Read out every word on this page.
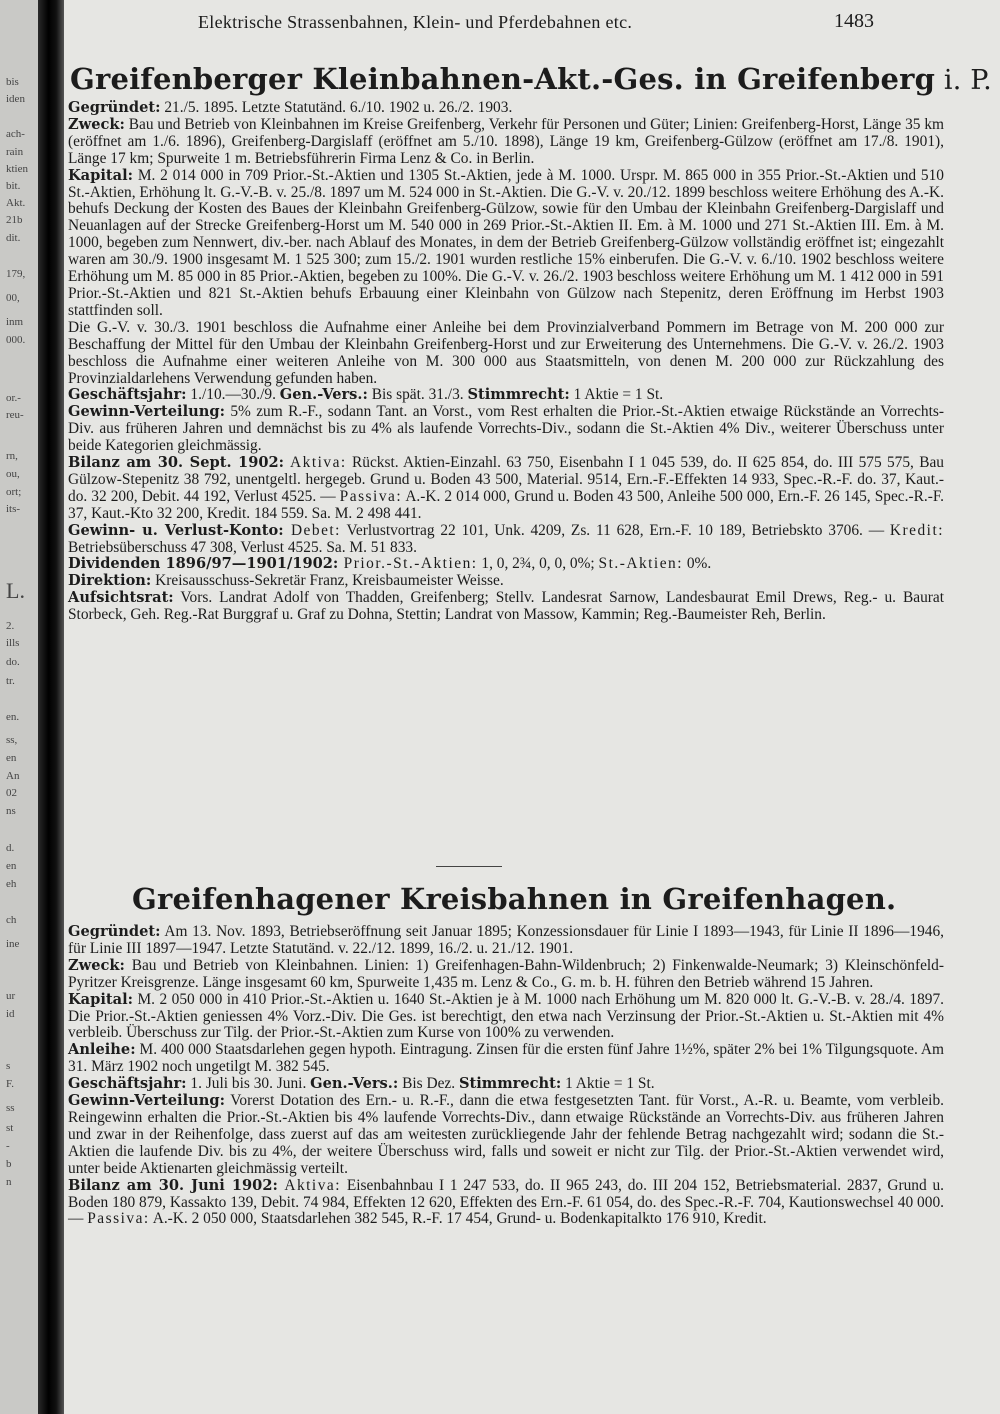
bis
iden
ach-
rain
ktien
bit.
Akt.
21b
dit.
179,
00,
inm
000.
or.-
reu-
rn,
ou,
ort;
its-
L.
2.
ills
do.
tr.
en.
ss,
en
An
02
ns
d.
en
eh
ch
ine
ur
id
s
F.
ss
st
-
b
n
Elektrische Strassenbahnen, Klein- und Pferdebahnen etc.	1483
Greifenberger Kleinbahnen-Akt.-Ges. in Greifenberg i. P.

Gegründet: 21./5. 1895. Letzte Statutänd. 6./10. 1902 u. 26./2. 1903.

Zweck: Bau und Betrieb von Kleinbahnen im Kreise Greifenberg, Verkehr für Personen und Güter; Linien: Greifenberg-Horst, Länge 35 km (eröffnet am 1./6. 1896), Greifenberg-Dargislaff (eröffnet am 5./10. 1898), Länge 19 km, Greifenberg-Gülzow (eröffnet am 17./8. 1901), Länge 17 km; Spurweite 1 m. Betriebsführerin Firma Lenz & Co. in Berlin.

Kapital: M. 2 014 000 in 709 Prior.-St.-Aktien und 1305 St.-Aktien, jede à M. 1000. Urspr. M. 865 000 in 355 Prior.-St.-Aktien und 510 St.-Aktien, Erhöhung lt. G.-V.-B. v. 25./8. 1897 um M. 524 000 in St.-Aktien. Die G.-V. v. 20./12. 1899 beschloss weitere Erhöhung des A.-K. behufs Deckung der Kosten des Baues der Kleinbahn Greifenberg-Gülzow, sowie für den Umbau der Kleinbahn Greifenberg-Dargislaff und Neuanlagen auf der Strecke Greifenberg-Horst um M. 540 000 in 269 Prior.-St.-Aktien II. Em. à M. 1000 und 271 St.-Aktien III. Em. à M. 1000, begeben zum Nennwert, div.-ber. nach Ablauf des Monates, in dem der Betrieb Greifenberg-Gülzow vollständig eröffnet ist; eingezahlt waren am 30./9. 1900 insgesamt M. 1 525 300; zum 15./2. 1901 wurden restliche 15% einberufen. Die G.-V. v. 6./10. 1902 beschloss weitere Erhöhung um M. 85 000 in 85 Prior.-Aktien, begeben zu 100%. Die G.-V. v. 26./2. 1903 beschloss weitere Erhöhung um M. 1 412 000 in 591 Prior.-St.-Aktien und 821 St.-Aktien behufs Erbauung einer Kleinbahn von Gülzow nach Stepenitz, deren Eröffnung im Herbst 1903 stattfinden soll.

Die G.-V. v. 30./3. 1901 beschloss die Aufnahme einer Anleihe bei dem Provinzialverband Pommern im Betrage von M. 200 000 zur Beschaffung der Mittel für den Umbau der Kleinbahn Greifenberg-Horst und zur Erweiterung des Unternehmens. Die G.-V. v. 26./2. 1903 beschloss die Aufnahme einer weiteren Anleihe von M. 300 000 aus Staatsmitteln, von denen M. 200 000 zur Rückzahlung des Provinzialdarlehens Verwendung gefunden haben.

Geschäftsjahr: 1./10.—30./9. Gen.-Vers.: Bis spät. 31./3. Stimmrecht: 1 Aktie = 1 St.

Gewinn-Verteilung: 5% zum R.-F., sodann Tant. an Vorst., vom Rest erhalten die Prior.-St.-Aktien etwaige Rückstände an Vorrechts-Div. aus früheren Jahren und demnächst bis zu 4% als laufende Vorrechts-Div., sodann die St.-Aktien 4% Div., weiterer Überschuss unter beide Kategorien gleichmässig.

Bilanz am 30. Sept. 1902: Aktiva: Rückst. Aktien-Einzahl. 63 750, Eisenbahn I 1 045 539, do. II 625 854, do. III 575 575, Bau Gülzow-Stepenitz 38 792, unentgeltl. hergegeb. Grund u. Boden 43 500, Material. 9514, Ern.-F.-Effekten 14 933, Spec.-R.-F. do. 37, Kaut.- do. 32 200, Debit. 44 192, Verlust 4525. — Passiva: A.-K. 2 014 000, Grund u. Boden 43 500, Anleihe 500 000, Ern.-F. 26 145, Spec.-R.-F. 37, Kaut.-Kto 32 200, Kredit. 184 559. Sa. M. 2 498 441.

Gewinn- u. Verlust-Konto: Debet: Verlustvortrag 22 101, Unk. 4209, Zs. 11 628, Ern.-F. 10 189, Betriebskto 3706. — Kredit: Betriebsüberschuss 47 308, Verlust 4525. Sa. M. 51 833.

Dividenden 1896/97—1901/1902: Prior.-St.-Aktien: 1, 0, 2¾, 0, 0, 0%; St.-Aktien: 0%.

Direktion: Kreisausschuss-Sekretär Franz, Kreisbaumeister Weisse.

Aufsichtsrat: Vors. Landrat Adolf von Thadden, Greifenberg; Stellv. Landesrat Sarnow, Landesbaurat Emil Drews, Reg.- u. Baurat Storbeck, Geh. Reg.-Rat Burggraf u. Graf zu Dohna, Stettin; Landrat von Massow, Kammin; Reg.-Baumeister Reh, Berlin.

Greifenhagener Kreisbahnen in Greifenhagen.

Gegründet: Am 13. Nov. 1893, Betriebseröffnung seit Januar 1895; Konzessionsdauer für Linie I 1893—1943, für Linie II 1896—1946, für Linie III 1897—1947. Letzte Statutänd. v. 22./12. 1899, 16./2. u. 21./12. 1901.

Zweck: Bau und Betrieb von Kleinbahnen. Linien: 1) Greifenhagen-Bahn-Wildenbruch; 2) Finkenwalde-Neumark; 3) Kleinschönfeld-Pyritzer Kreisgrenze. Länge insgesamt 60 km, Spurweite 1,435 m. Lenz & Co., G. m. b. H. führen den Betrieb während 15 Jahren.

Kapital: M. 2 050 000 in 410 Prior.-St.-Aktien u. 1640 St.-Aktien je à M. 1000 nach Erhöhung um M. 820 000 lt. G.-V.-B. v. 28./4. 1897. Die Prior.-St.-Aktien geniessen 4% Vorz.-Div. Die Ges. ist berechtigt, den etwa nach Verzinsung der Prior.-St.-Aktien u. St.-Aktien mit 4% verbleib. Überschuss zur Tilg. der Prior.-St.-Aktien zum Kurse von 100% zu verwenden.

Anleihe: M. 400 000 Staatsdarlehen gegen hypoth. Eintragung. Zinsen für die ersten fünf Jahre 1½%, später 2% bei 1% Tilgungsquote. Am 31. März 1902 noch ungetilgt M. 382 545.

Geschäftsjahr: 1. Juli bis 30. Juni. Gen.-Vers.: Bis Dez. Stimmrecht: 1 Aktie = 1 St.

Gewinn-Verteilung: Vorerst Dotation des Ern.- u. R.-F., dann die etwa festgesetzten Tant. für Vorst., A.-R. u. Beamte, vom verbleib. Reingewinn erhalten die Prior.-St.-Aktien bis 4% laufende Vorrechts-Div., dann etwaige Rückstände an Vorrechts-Div. aus früheren Jahren und zwar in der Reihenfolge, dass zuerst auf das am weitesten zurückliegende Jahr der fehlende Betrag nachgezahlt wird; sodann die St.-Aktien die laufende Div. bis zu 4%, der weitere Überschuss wird, falls und soweit er nicht zur Tilg. der Prior.-St.-Aktien verwendet wird, unter beide Aktienarten gleichmässig verteilt.

Bilanz am 30. Juni 1902: Aktiva: Eisenbahnbau I 1 247 533, do. II 965 243, do. III 204 152, Betriebsmaterial. 2837, Grund u. Boden 180 879, Kassakto 139, Debit. 74 984, Effekten 12 620, Effekten des Ern.-F. 61 054, do. des Spec.-R.-F. 704, Kautionswechsel 40 000. — Passiva: A.-K. 2 050 000, Staatsdarlehen 382 545, R.-F. 17 454, Grund- u. Bodenkapitalkto 176 910, Kredit.
